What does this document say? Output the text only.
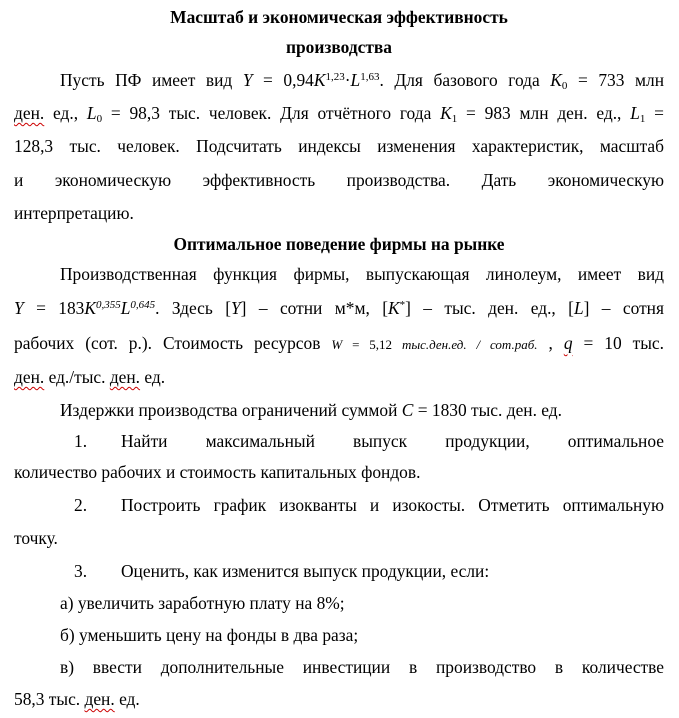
Масштаб и экономическая эффективность
производства
Пусть ПФ имеет вид $Y = 0,94K^{1,23}\cdot L^{1,63}$. Для базового года $K_0 = 733$ млн
ден. ед., $L_0 = 98,3$ тыс. человек. Для отчётного года $K_1 = 983$ млн ден. ед., $L_1$ =
128,3 тыс. человек. Подсчитать индексы изменения характеристик, масштаб
и экономическую эффективность производства. Дать экономическую
интерпретацию.
Оптимальное поведение фирмы на рынке
Производственная функция фирмы, выпускающая линолеум, имеет вид
$Y = 183K^{0,355}L^{0,645}$. Здесь [Y] – сотни м*м, [K*] – тыс. ден. ед., [L] – сотня
рабочих (сот. р.). Стоимость ресурсов W = 5,12 тыс.ден.ед. / сот.раб. , q = 10 тыс.
ден. ед./тыс. ден. ед.
Издержки производства ограничений суммой C = 1830 тыс. ден. ед.
1. Найти максимальный выпуск продукции, оптимальное
количество рабочих и стоимость капитальных фондов.
2. Построить график изокванты и изокосты. Отметить оптимальную
точку.
3. Оценить, как изменится выпуск продукции, если:
а) увеличить заработную плату на 8%;
б) уменьшить цену на фонды в два раза;
в) ввести дополнительные инвестиции в производство в количестве
58,3 тыс. ден. ед.
